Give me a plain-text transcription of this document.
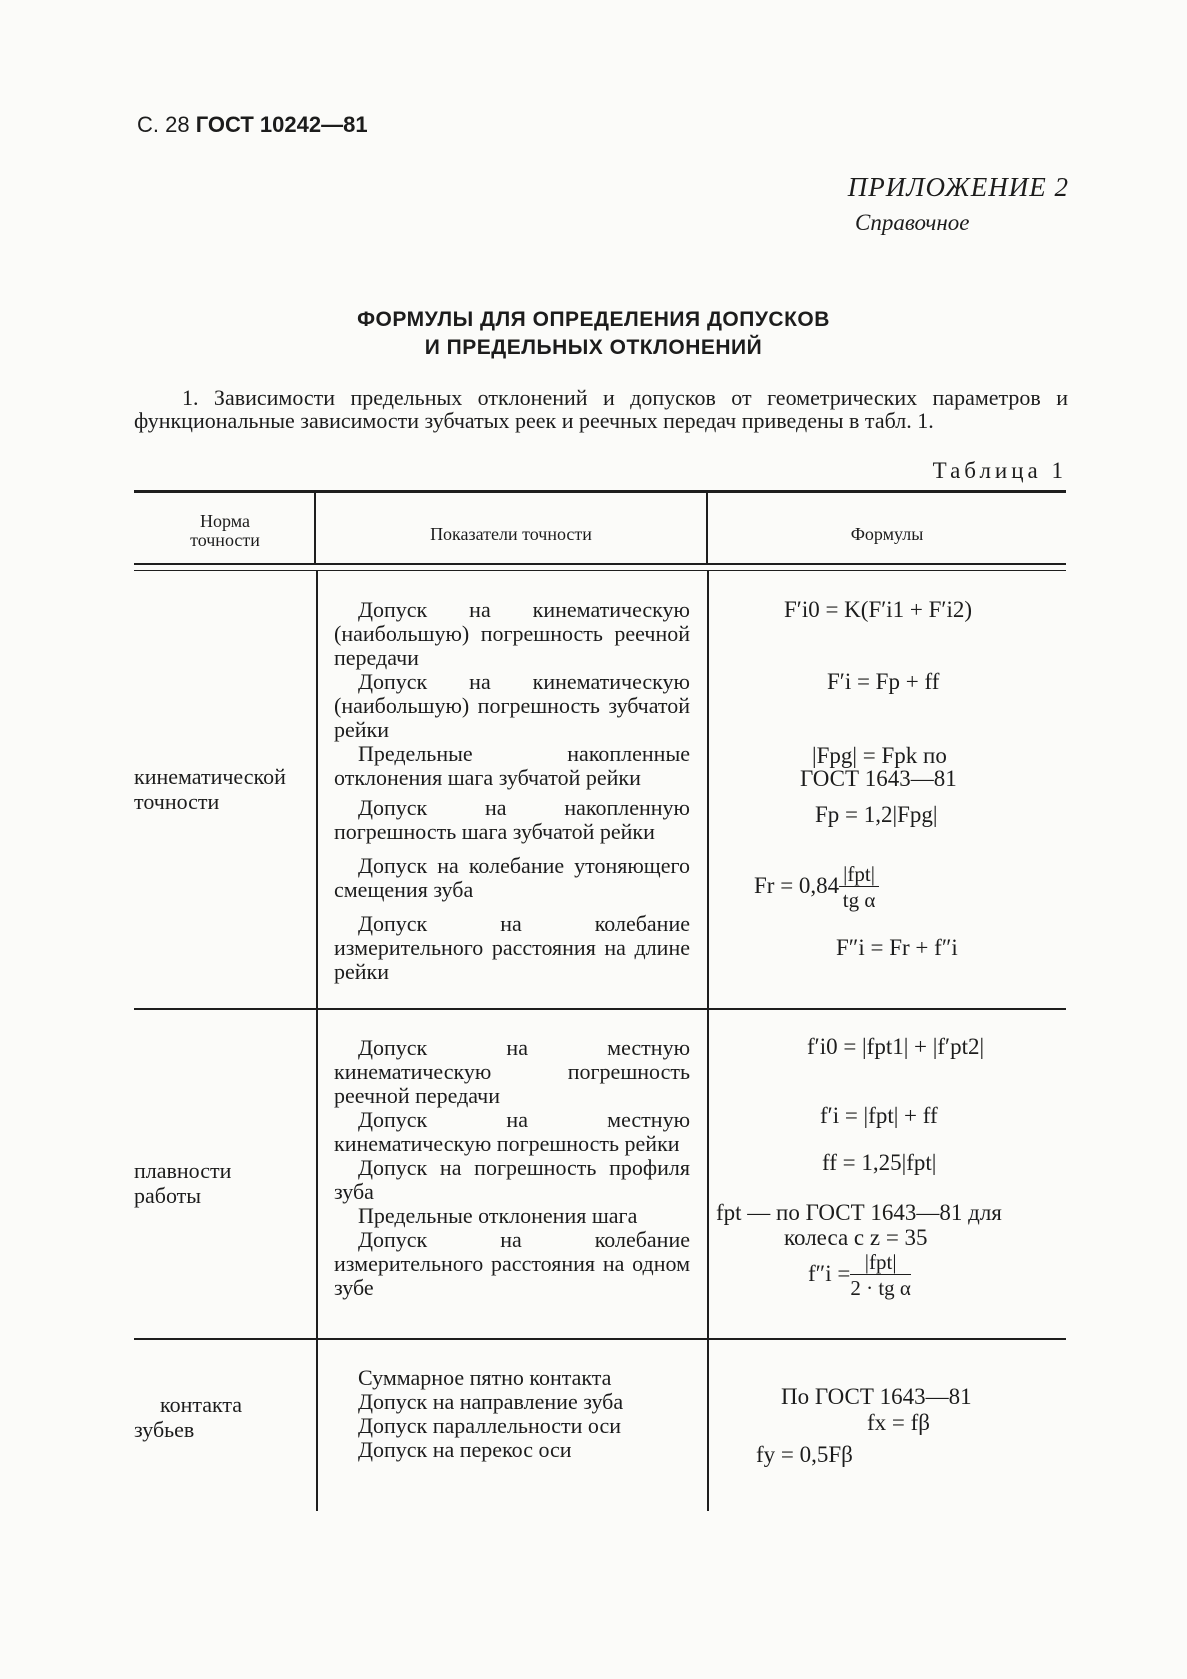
С. 28 ГОСТ 10242—81
ПРИЛОЖЕНИЕ 2
Справочное
ФОРМУЛЫ ДЛЯ ОПРЕДЕЛЕНИЯ ДОПУСКОВ
И ПРЕДЕЛЬНЫХ ОТКЛОНЕНИЙ
1. Зависимости предельных отклонений и допусков от геометрических параметров и функциональные зависимости зубчатых реек и реечных передач приведены в табл. 1.
Таблица 1
Норма точности	Показатели точности	Формулы
кинематической точности

Допуск на кинематическую (наибольшую) погрешность реечной передачи

Допуск на кинематическую (наибольшую) погрешность зубчатой рейки

Предельные накопленные отклонения шага зубчатой рейки

Допуск на накопленную погрешность шага зубчатой рейки

Допуск на колебание утоняющего смещения зуба

Допуск на колебание измерительного расстояния на длине рейки

F′i0 = K(F′i1 + F′i2)
F′i = Fp + ff
|Fpg| = Fpk по
ГОСТ 1643—81
Fp = 1,2|Fpg|
$Fr = 0,84 \frac{\text{|fpt|}}{\text{tg α}}$
F″i = Fr + f″i
плавности работы

Допуск на местную кинематическую погрешность реечной передачи

Допуск на местную кинематическую погрешность рейки

Допуск на погрешность профиля зуба

Предельные отклонения шага

Допуск на колебание измерительного расстояния на одном зубе

f′i0 = |fpt1| + |f′pt2|
f′i = |fpt| + ff
ff = 1,25|fpt|
fpt — по ГОСТ 1643—81 для
колеса с z = 35
$f''i = \frac{\text{|fpt|}}{\text{2 · tg α}}$
контакта зубьев

Суммарное пятно контакта

Допуск на направление зуба

Допуск параллельности оси

Допуск на перекос оси

По ГОСТ 1643—81
fx = fβ
fy = 0,5Fβ
